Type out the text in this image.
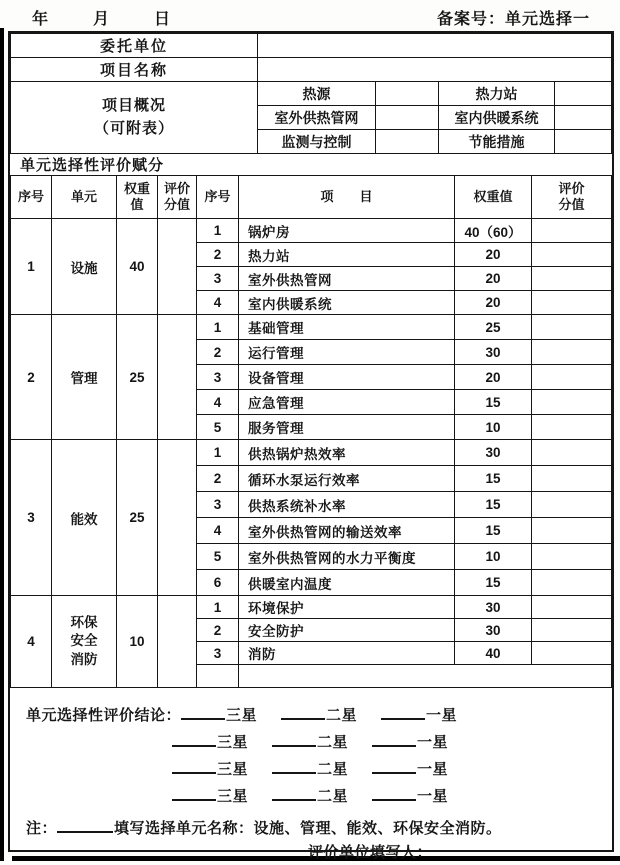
年	月	日	备案号：单元选择一
委托单位				
项目名称				

项目概况
（可附表）	热源		热力站	
	室外供热管网		室内供暖系统	
	监测与控制		节能措施	
单元选择性评价赋分
序号	单元	权重值	评价分值	序号	项　　目	权重值	评价分值
1	设施	40		1	锅炉房	40（60）	
				2	热力站	20	
				3	室外供热管网	20	
				4	室内供暖系统	20	
2	管理	25		1	基础管理	25	
				2	运行管理	30	
				3	设备管理	20	
				4	应急管理	15	
				5	服务管理	10	
3	能效	25		1	供热锅炉热效率	30	
				2	循环水泵运行效率	15	
				3	供热系统补水率	15	
				4	室外供热管网的输送效率	15	
				5	室外供热管网的水力平衡度	10	
				6	供暖室内温度	15	
4	环保安全消防	10		1	环境保护	30	
				2	安全防护	30	
				3	消防	40	

单元选择性评价结论：	三星	二星	一星
三星	二星	一星
三星	二星	一星
三星	二星	一星
注：	填写选择单元名称：设施、管理、能效、环保安全消防。
评价单位填写人：
